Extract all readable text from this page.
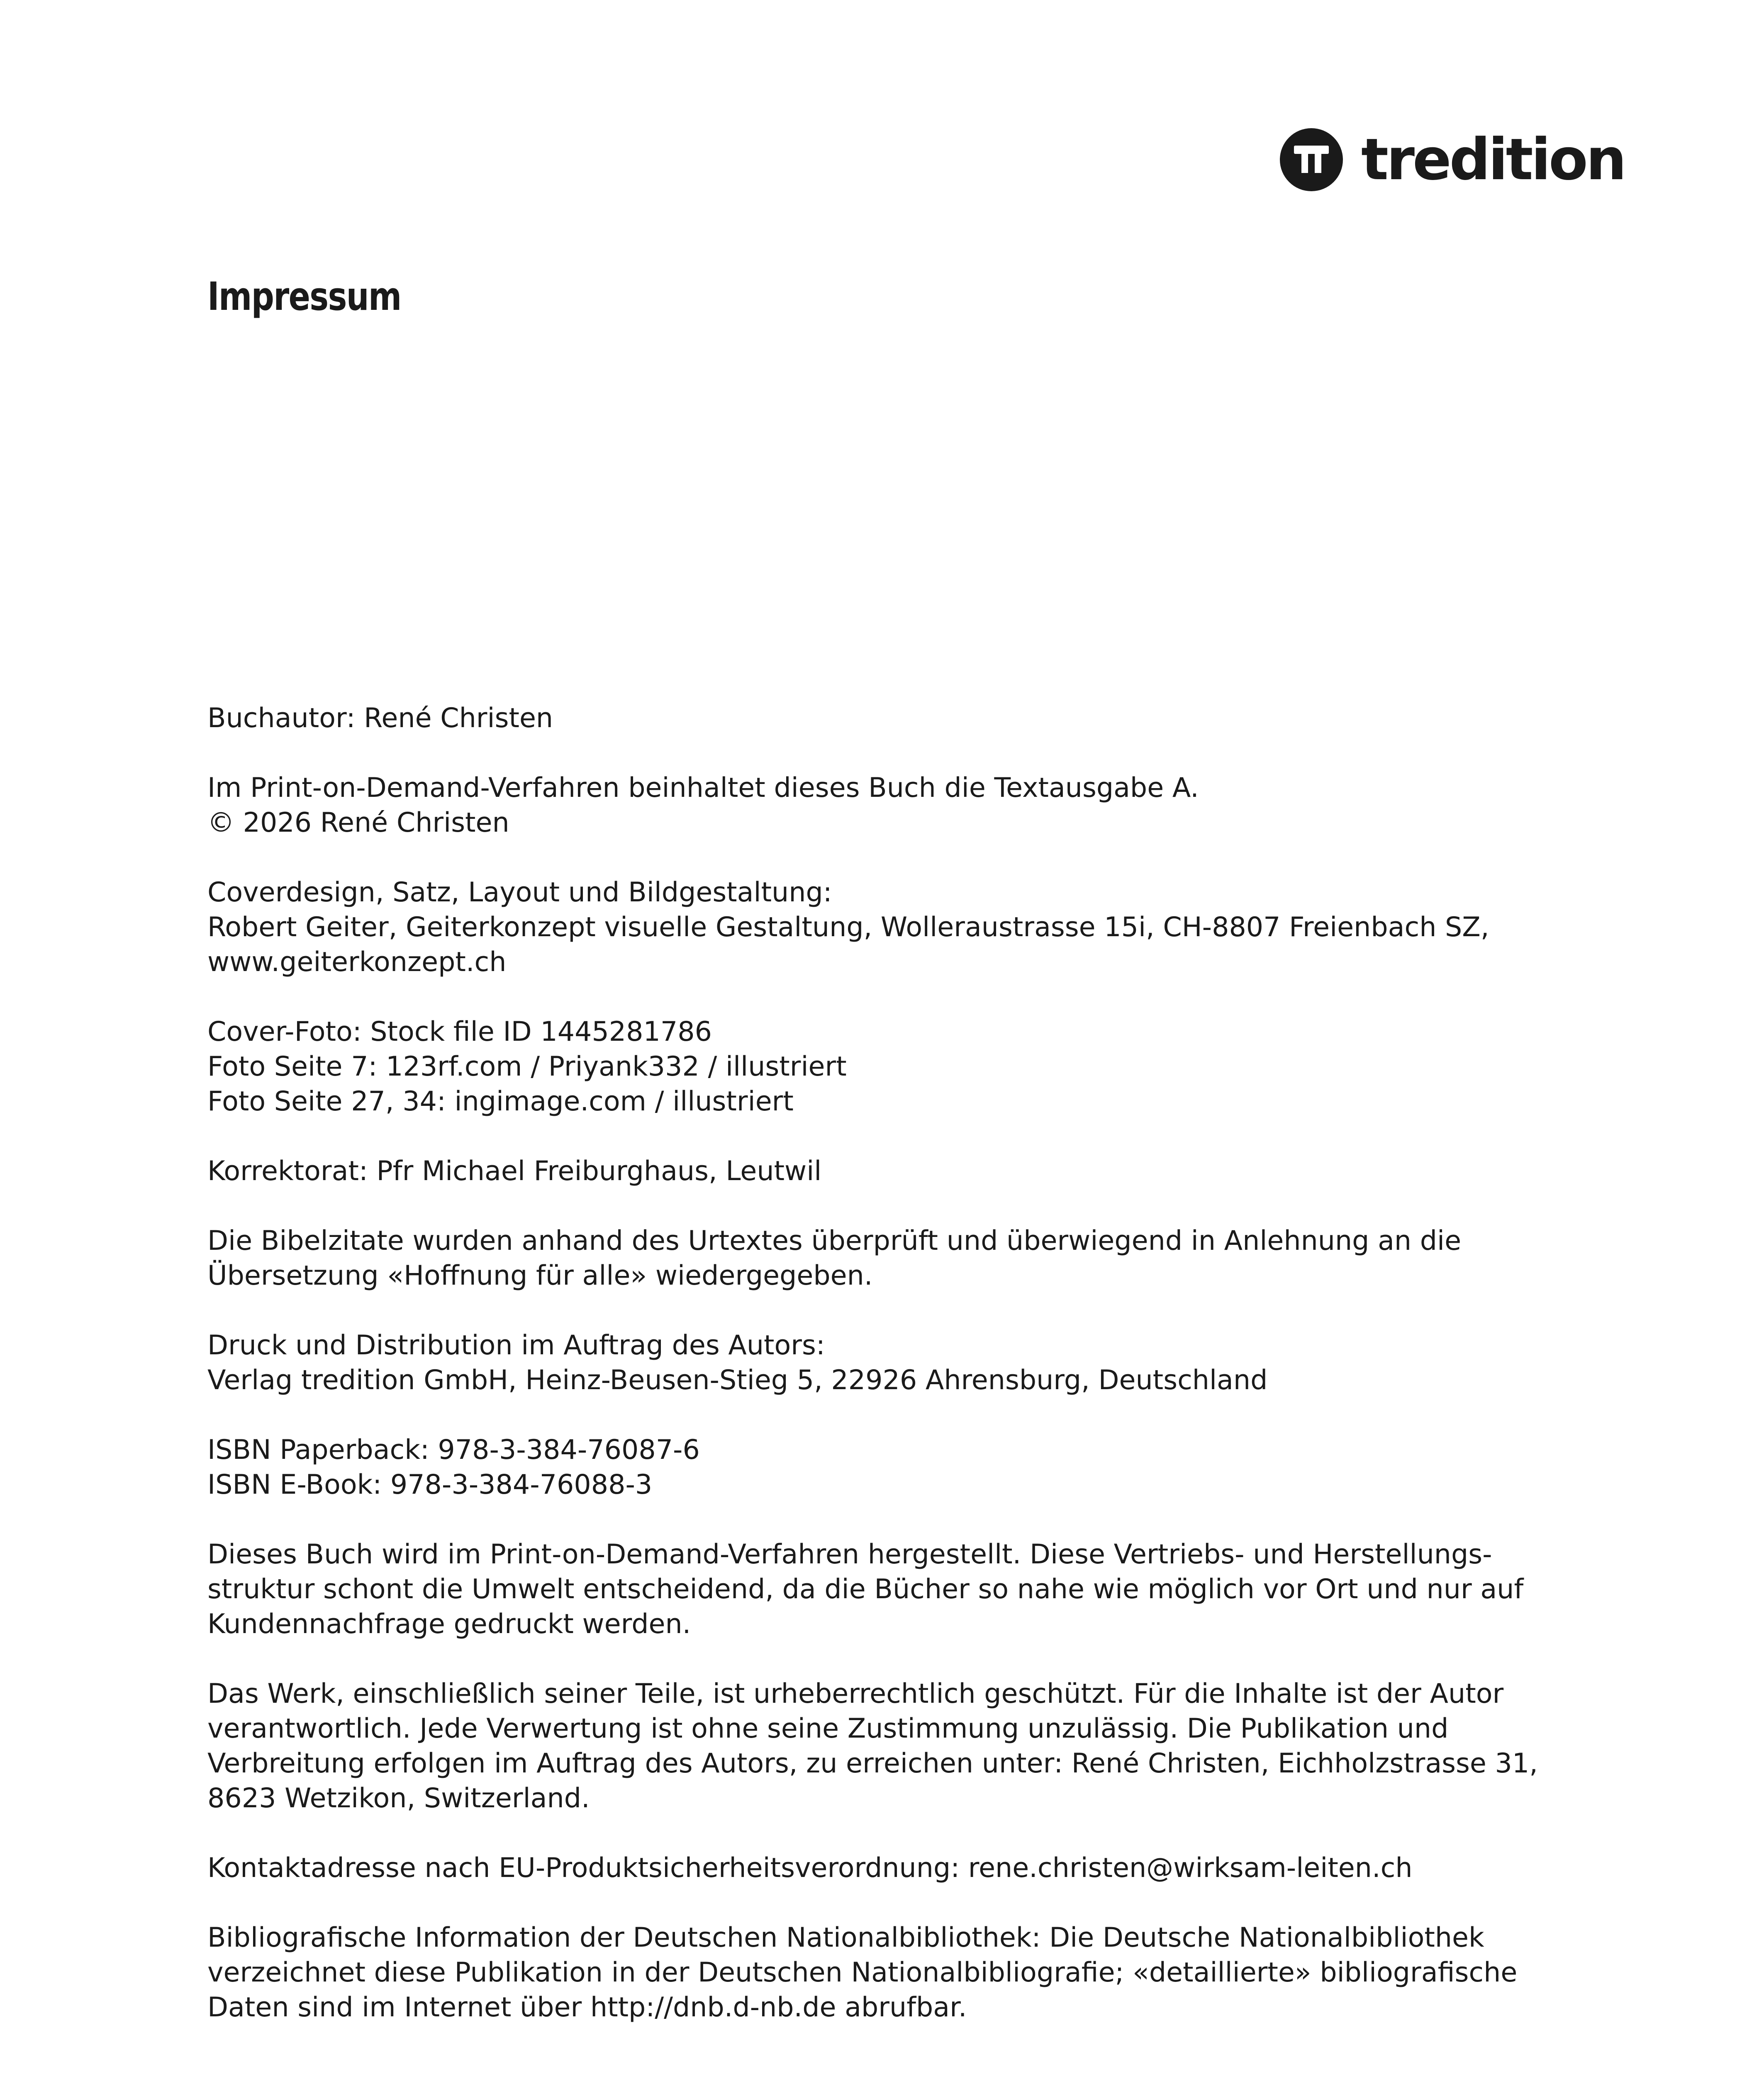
tredition
Impressum

Buchautor: René Christen

Im Print-on-Demand-Verfahren beinhaltet dieses Buch die Textausgabe A.
© 2026 René Christen

Coverdesign, Satz, Layout und Bildgestaltung:
Robert Geiter, Geiterkonzept visuelle Gestaltung, Wolleraustrasse 15i, CH-8807 Freienbach SZ,
www.geiterkonzept.ch

Cover-Foto: Stock file ID 1445281786
Foto Seite 7: 123rf.com / Priyank332 / illustriert
Foto Seite 27, 34: ingimage.com / illustriert

Korrektorat: Pfr Michael Freiburghaus, Leutwil

Die Bibelzitate wurden anhand des Urtextes überprüft und überwiegend in Anlehnung an die
Übersetzung «Hoffnung für alle» wiedergegeben.

Druck und Distribution im Auftrag des Autors:
Verlag tredition GmbH, Heinz-Beusen-Stieg 5, 22926 Ahrensburg, Deutschland

ISBN Paperback: 978-3-384-76087-6
ISBN E-Book: 978-3-384-76088-3

Dieses Buch wird im Print-on-Demand-Verfahren hergestellt. Diese Vertriebs- und Herstellungs-
struktur schont die Umwelt entscheidend, da die Bücher so nahe wie möglich vor Ort und nur auf
Kundennachfrage gedruckt werden.

Das Werk, einschließlich seiner Teile, ist urheberrechtlich geschützt. Für die Inhalte ist der Autor
verantwortlich. Jede Verwertung ist ohne seine Zustimmung unzulässig. Die Publikation und
Verbreitung erfolgen im Auftrag des Autors, zu erreichen unter: René Christen, Eichholzstrasse 31,
8623 Wetzikon, Switzerland.

Kontaktadresse nach EU-Produktsicherheitsverordnung: rene.christen@wirksam-leiten.ch

Bibliografische Information der Deutschen Nationalbibliothek: Die Deutsche Nationalbibliothek
verzeichnet diese Publikation in der Deutschen Nationalbibliografie; «detaillierte» bibliografische
Daten sind im Internet über http://dnb.d-nb.de abrufbar.
